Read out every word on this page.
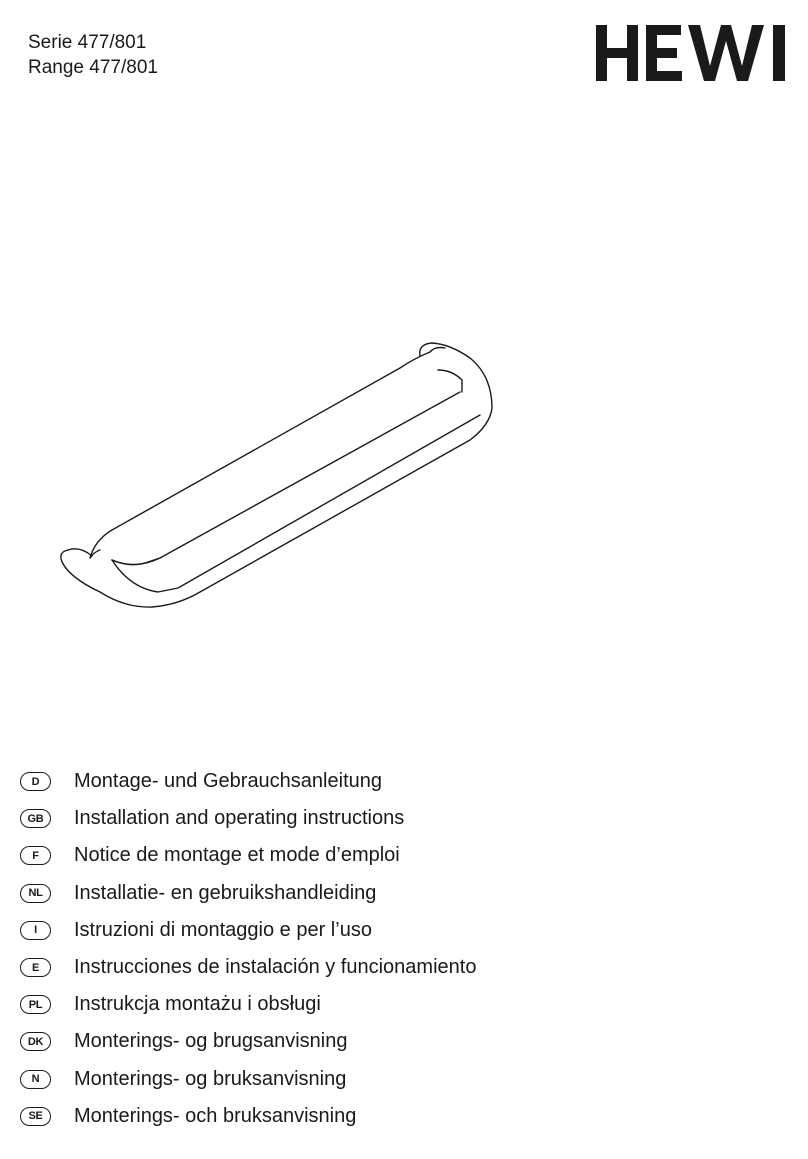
Serie 477/801
Range 477/801
D	Montage- und Gebrauchsanleitung
GB	Installation and operating instructions
F	Notice de montage et mode d’emploi
NL	Installatie- en gebruikshandleiding
I	Istruzioni di montaggio e per l’uso
E	Instrucciones de instalación y funcionamiento
PL	Instrukcja montażu i obsługi
DK	Monterings- og brugsanvisning
N	Monterings- og bruksanvisning
SE	Monterings- och bruksanvisning
